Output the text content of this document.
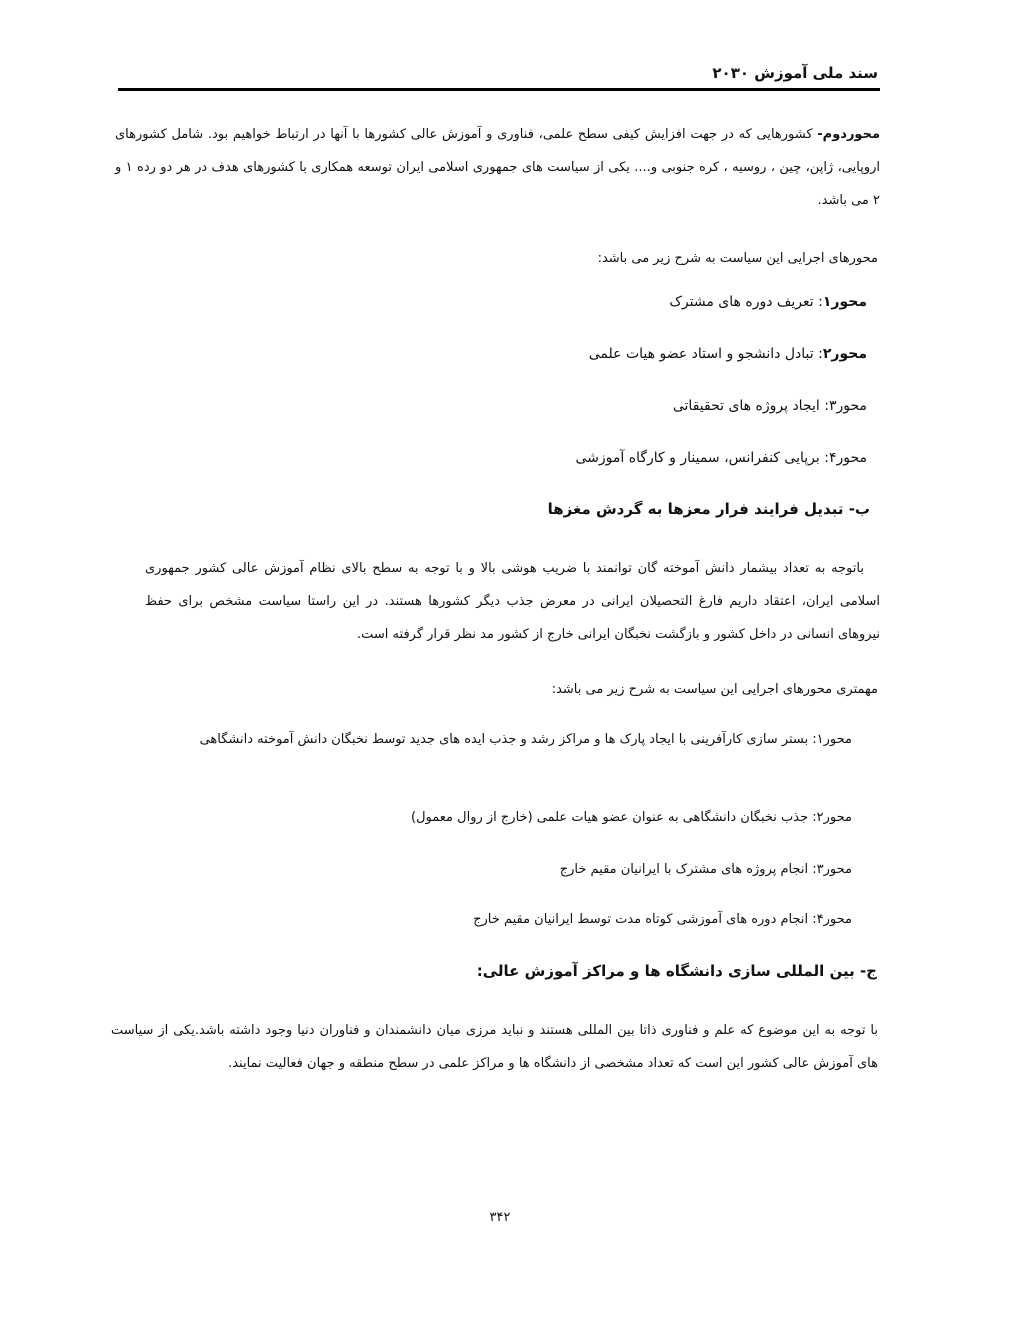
سند ملی آموزش ۲۰۳۰

محوردوم- کشورهایی که در جهت افزایش کیفی سطح علمی، فناوری و آموزش عالی کشورها با آنها در ارتباط خواهیم بود. شامل کشورهای اروپایی، ژاپن، چین ، روسیه ، کره جنوبی و.... یکی از سیاست های جمهوری اسلامی ایران توسعه همکاری با کشورهای هدف در هر دو رده ۱ و ۲ می باشد.

محورهای اجرایی این سیاست به شرح زیر می باشد:

محور۱: تعریف دوره های مشترک
محور۲: تبادل دانشجو و استاد عضو هیات علمی
محور۳: ایجاد پروژه های تحقیقاتی
محور۴: برپایی کنفرانس، سمینار و کارگاه آموزشی
ب- تبدیل فرایند فرار معزها به گردش مغزها

باتوجه به تعداد بیشمار دانش آموخته گان توانمند با ضریب هوشی بالا و با توجه به سطح بالای نظام آموزش عالی کشور جمهوری اسلامی ایران، اعتقاد داریم فارغ التحصیلان ایرانی در معرض جذب دیگر کشورها هستند. در این راستا سیاست مشخص برای حفظ نیروهای انسانی در داخل کشور و بازگشت نخبگان ایرانی خارج از کشور مد نظر قرار گرفته است.

مهمتری محورهای اجرایی این سیاست به شرح زیر می باشد:

محور۱: بستر سازی کارآفرینی با ایجاد پارک ها و مراکز رشد و جذب ایده های جدید توسط نخبگان دانش آموخته دانشگاهی
محور۲: جذب نخبگان دانشگاهی به عنوان عضو هیات علمی (خارج از روال معمول)
محور۳: انجام پروژه های مشترک با ایرانیان مقیم خارج
محور۴: انجام دوره های آموزشی کوتاه مدت توسط ایرانیان مقیم خارج
ج- بین المللی سازی دانشگاه ها و مراکز آموزش عالی:

با توجه به این موضوع که علم و فناوری ذاتا بین المللی هستند و نباید مرزی میان دانشمندان و فناوران دنیا وجود داشته باشد.یکی از سیاست های آموزش عالی کشور این است که تعداد مشخصی از دانشگاه ها و مراکز علمی در سطح منطقه و جهان فعالیت نمایند.

۳۴۲
